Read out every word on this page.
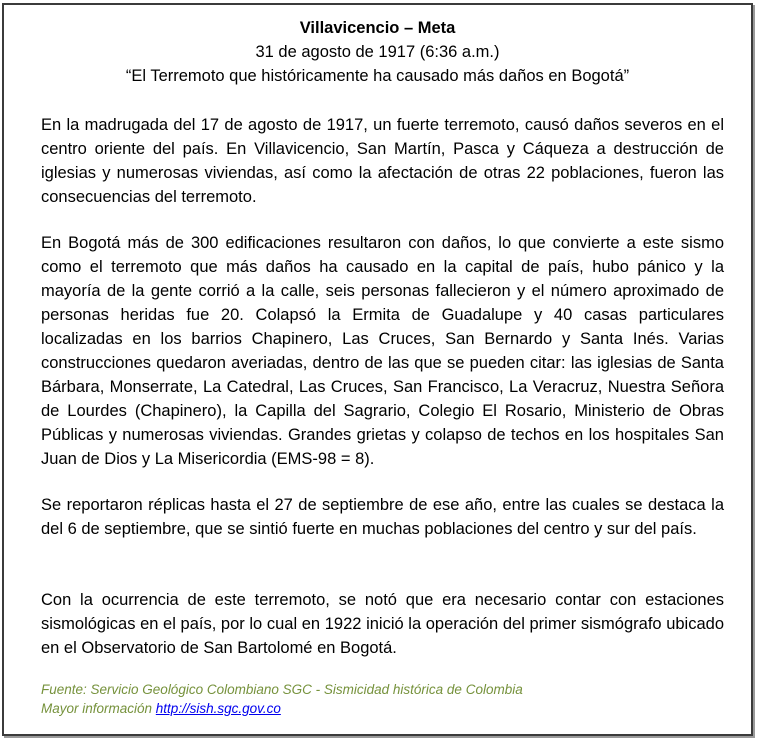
Villavicencio – Meta
31 de agosto de 1917 (6:36 a.m.)
“El Terremoto que históricamente ha causado más daños en Bogotá”
En la madrugada del 17 de agosto de 1917, un fuerte terremoto, causó daños severos en el centro oriente del país. En Villavicencio, San Martín, Pasca y Cáqueza a destrucción de iglesias y numerosas viviendas, así como la afectación de otras 22 poblaciones, fueron las consecuencias del terremoto.
En Bogotá más de 300 edificaciones resultaron con daños, lo que convierte a este sismo como el terremoto que más daños ha causado en la capital de país, hubo pánico y la mayoría de la gente corrió a la calle, seis personas fallecieron y el número aproximado de personas heridas fue 20. Colapsó la Ermita de Guadalupe y 40 casas particulares localizadas en los barrios Chapinero, Las Cruces, San Bernardo y Santa Inés. Varias construcciones quedaron averiadas, dentro de las que se pueden citar: las iglesias de Santa Bárbara, Monserrate, La Catedral, Las Cruces, San Francisco, La Veracruz, Nuestra Señora de Lourdes (Chapinero), la Capilla del Sagrario, Colegio El Rosario, Ministerio de Obras Públicas y numerosas viviendas. Grandes grietas y colapso de techos en los hospitales San Juan de Dios y La Misericordia (EMS-98 = 8).
Se reportaron réplicas hasta el 27 de septiembre de ese año, entre las cuales se destaca la del 6 de septiembre, que se sintió fuerte en muchas poblaciones del centro y sur del país.
Con la ocurrencia de este terremoto, se notó que era necesario contar con estaciones sismológicas en el país, por lo cual en 1922 inició la operación del primer sismógrafo ubicado en el Observatorio de San Bartolomé en Bogotá.
Fuente: Servicio Geológico Colombiano SGC - Sismicidad histórica de Colombia
Mayor información http://sish.sgc.gov.co
